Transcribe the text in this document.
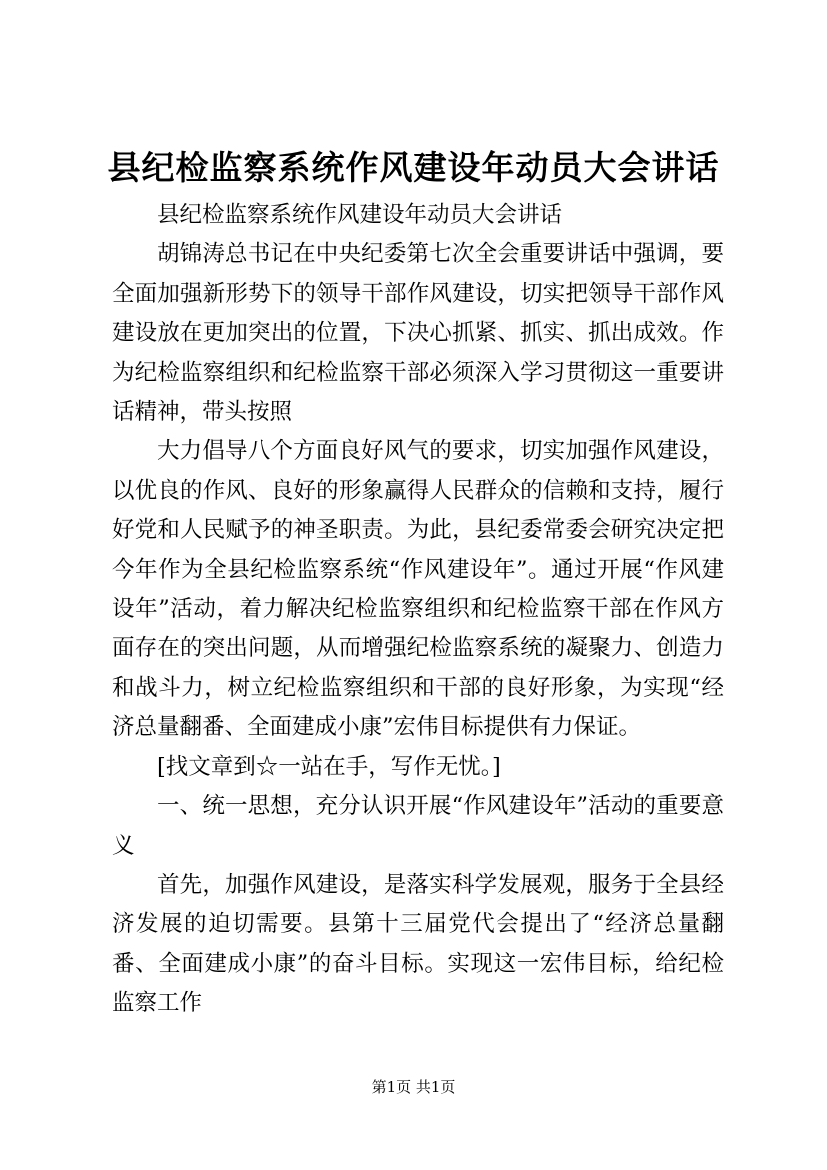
县纪检监察系统作风建设年动员大会讲话

县纪检监察系统作风建设年动员大会讲话

胡锦涛总书记在中央纪委第七次全会重要讲话中强调，要全面加强新形势下的领导干部作风建设，切实把领导干部作风建设放在更加突出的位置，下决心抓紧、抓实、抓出成效。作为纪检监察组织和纪检监察干部必须深入学习贯彻这一重要讲话精神，带头按照

大力倡导八个方面良好风气的要求，切实加强作风建设，以优良的作风、良好的形象赢得人民群众的信赖和支持，履行好党和人民赋予的神圣职责。为此，县纪委常委会研究决定把今年作为全县纪检监察系统“作风建设年”。通过开展“作风建设年”活动，着力解决纪检监察组织和纪检监察干部在作风方面存在的突出问题，从而增强纪检监察系统的凝聚力、创造力和战斗力，树立纪检监察组织和干部的良好形象，为实现“经济总量翻番、全面建成小康”宏伟目标提供有力保证。

[找文章到☆一站在手，写作无忧。]

一、统一思想，充分认识开展“作风建设年”活动的重要意义

首先，加强作风建设，是落实科学发展观，服务于全县经济发展的迫切需要。县第十三届党代会提出了“经济总量翻番、全面建成小康”的奋斗目标。实现这一宏伟目标，给纪检监察工作

第1页 共1页
